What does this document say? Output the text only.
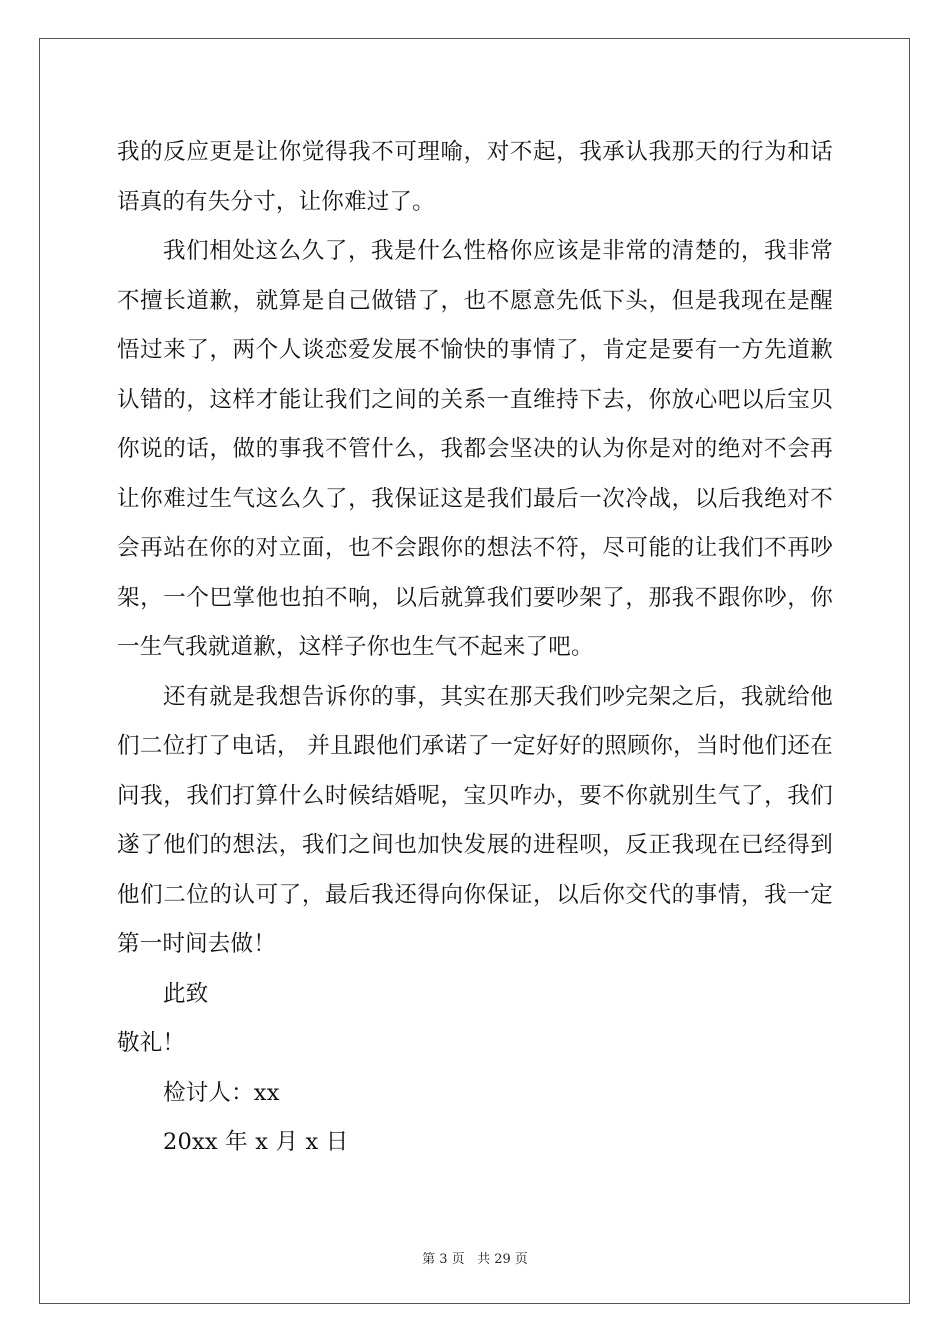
我的反应更是让你觉得我不可理喻，对不起，我承认我那天的行为和话语真的有失分寸，让你难过了。

我们相处这么久了，我是什么性格你应该是非常的清楚的，我非常不擅长道歉，就算是自己做错了，也不愿意先低下头，但是我现在是醒悟过来了，两个人谈恋爱发展不愉快的事情了，肯定是要有一方先道歉认错的，这样才能让我们之间的关系一直维持下去，你放心吧以后宝贝你说的话，做的事我不管什么，我都会坚决的认为你是对的绝对不会再让你难过生气这么久了，我保证这是我们最后一次冷战，以后我绝对不会再站在你的对立面，也不会跟你的想法不符，尽可能的让我们不再吵架，一个巴掌他也拍不响，以后就算我们要吵架了，那我不跟你吵，你一生气我就道歉，这样子你也生气不起来了吧。

还有就是我想告诉你的事，其实在那天我们吵完架之后，我就给他们二位打了电话， 并且跟他们承诺了一定好好的照顾你，当时他们还在问我，我们打算什么时候结婚呢，宝贝咋办，要不你就别生气了，我们遂了他们的想法，我们之间也加快发展的进程呗，反正我现在已经得到他们二位的认可了，最后我还得向你保证，以后你交代的事情，我一定第一时间去做！

此致

敬礼！

检讨人：xx

20xx 年 x 月 x 日

第 3 页 共 29 页
